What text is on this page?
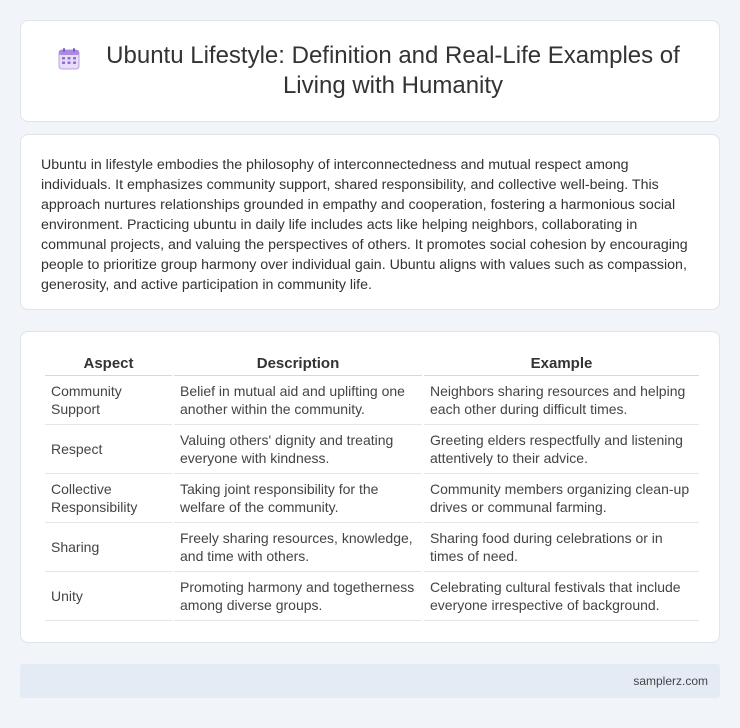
Ubuntu Lifestyle: Definition and Real-Life Examples of Living with Humanity

Ubuntu in lifestyle embodies the philosophy of interconnectedness and mutual respect among individuals. It emphasizes community support, shared responsibility, and collective well-being. This approach nurtures relationships grounded in empathy and cooperation, fostering a harmonious social environment. Practicing ubuntu in daily life includes acts like helping neighbors, collaborating in communal projects, and valuing the perspectives of others. It promotes social cohesion by encouraging people to prioritize group harmony over individual gain. Ubuntu aligns with values such as compassion, generosity, and active participation in community life.

Aspect	Description	Example
Community Support	Belief in mutual aid and uplifting one another within the community.	Neighbors sharing resources and helping each other during difficult times.
Respect	Valuing others' dignity and treating everyone with kindness.	Greeting elders respectfully and listening attentively to their advice.
Collective Responsibility	Taking joint responsibility for the welfare of the community.	Community members organizing clean-up drives or communal farming.
Sharing	Freely sharing resources, knowledge, and time with others.	Sharing food during celebrations or in times of need.
Unity	Promoting harmony and togetherness among diverse groups.	Celebrating cultural festivals that include everyone irrespective of background.
samplerz.com
